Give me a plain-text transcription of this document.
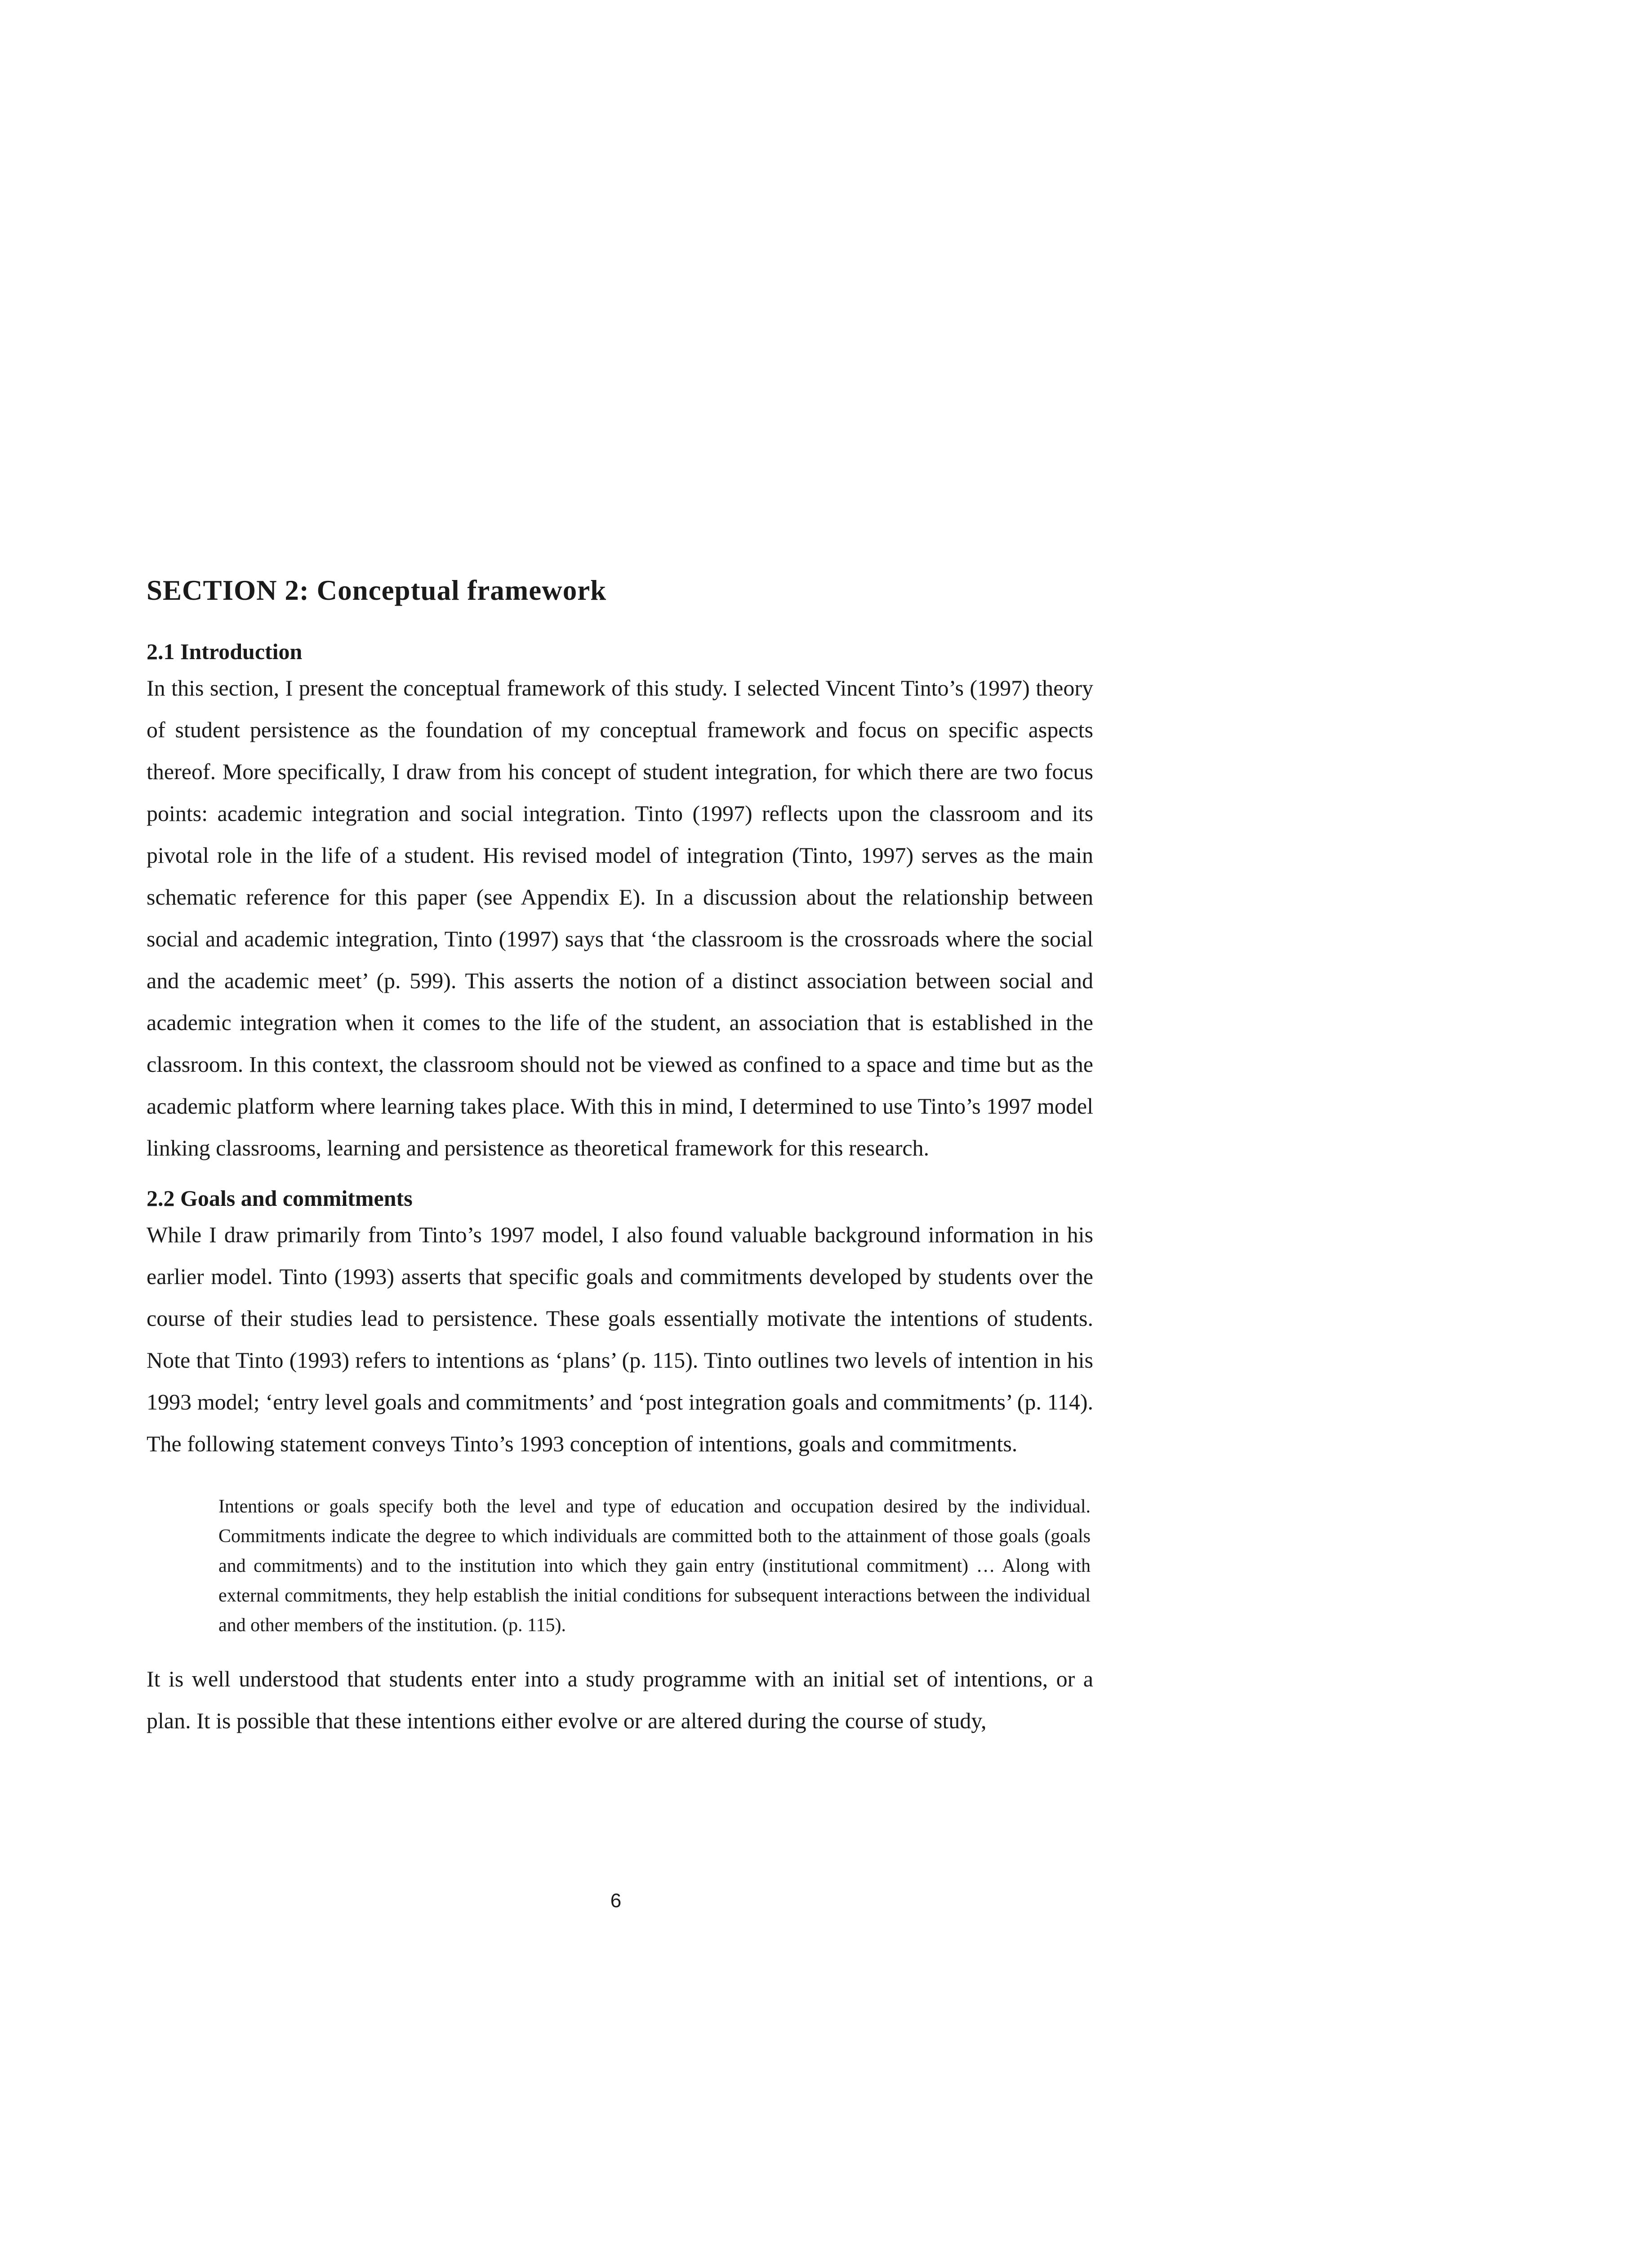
SECTION 2: Conceptual framework
2.1 Introduction

In this section, I present the conceptual framework of this study. I selected Vincent Tinto’s (1997) theory of student persistence as the foundation of my conceptual framework and focus on specific aspects thereof. More specifically, I draw from his concept of student integration, for which there are two focus points: academic integration and social integration. Tinto (1997) reflects upon the classroom and its pivotal role in the life of a student. His revised model of integration (Tinto, 1997) serves as the main schematic reference for this paper (see Appendix E). In a discussion about the relationship between social and academic integration, Tinto (1997) says that ‘the classroom is the crossroads where the social and the academic meet’ (p. 599). This asserts the notion of a distinct association between social and academic integration when it comes to the life of the student, an association that is established in the classroom. In this context, the classroom should not be viewed as confined to a space and time but as the academic platform where learning takes place. With this in mind, I determined to use Tinto’s 1997 model linking classrooms, learning and persistence as theoretical framework for this research.

2.2 Goals and commitments

While I draw primarily from Tinto’s 1997 model, I also found valuable background information in his earlier model. Tinto (1993) asserts that specific goals and commitments developed by students over the course of their studies lead to persistence. These goals essentially motivate the intentions of students. Note that Tinto (1993) refers to intentions as ‘plans’ (p. 115). Tinto outlines two levels of intention in his 1993 model; ‘entry level goals and commitments’ and ‘post integration goals and commitments’ (p. 114). The following statement conveys Tinto’s 1993 conception of intentions, goals and commitments.

Intentions or goals specify both the level and type of education and occupation desired by the individual. Commitments indicate the degree to which individuals are committed both to the attainment of those goals (goals and commitments) and to the institution into which they gain entry (institutional commitment) … Along with external commitments, they help establish the initial conditions for subsequent interactions between the individual and other members of the institution. (p. 115).

It is well understood that students enter into a study programme with an initial set of intentions, or a plan. It is possible that these intentions either evolve or are altered during the course of study,

6
